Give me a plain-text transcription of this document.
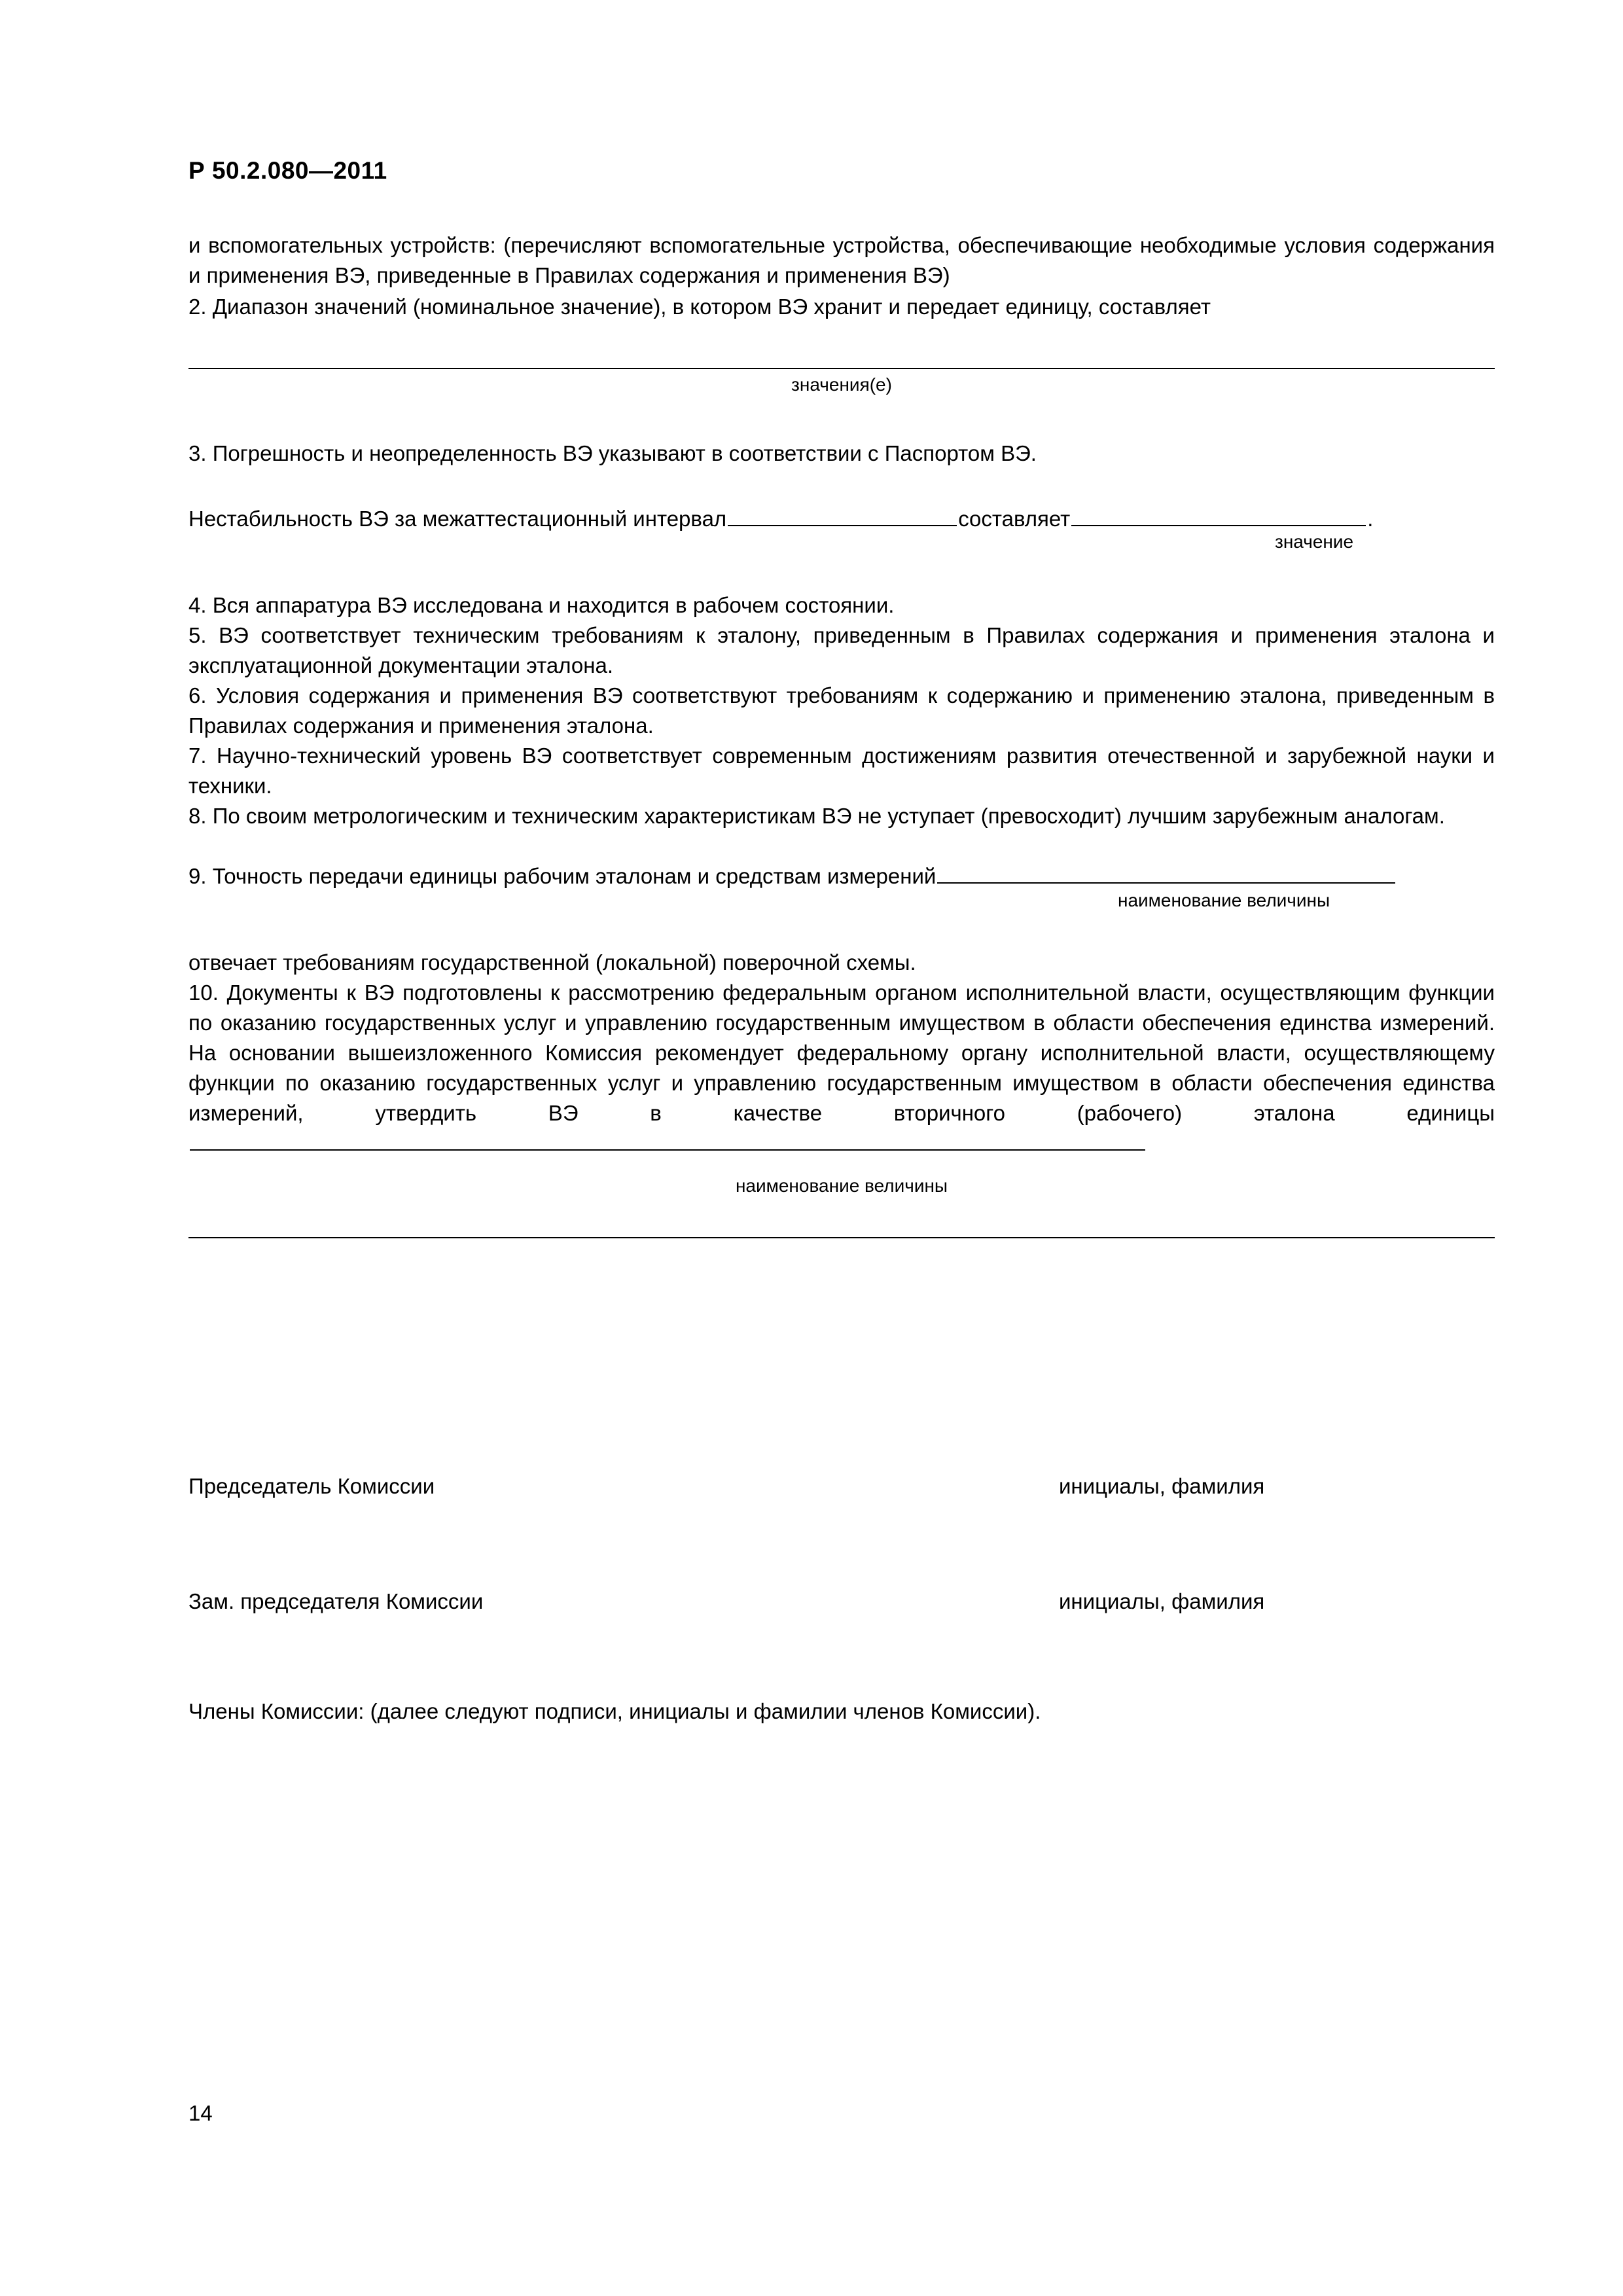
Р 50.2.080—2011
и вспомогательных устройств: (перечисляют вспомогательные устройства, обеспечивающие необходимые условия содержания и применения ВЭ, приведенные в Правилах содержания и применения ВЭ)
2. Диапазон значений (номинальное значение), в котором ВЭ хранит и передает единицу, составляет
значения(е)
3. Погрешность и неопределенность ВЭ указывают в соответствии с Паспортом ВЭ.
Нестабильность ВЭ за межаттестационный интервал	составляет	.
значение
4. Вся аппаратура ВЭ исследована и находится в рабочем состоянии.
5. ВЭ соответствует техническим требованиям к эталону, приведенным в Правилах содержания и применения эталона и эксплуатационной документации эталона.
6. Условия содержания и применения ВЭ соответствуют требованиям к содержанию и применению эталона, приведенным в Правилах содержания и применения эталона.
7. Научно-технический уровень ВЭ соответствует современным достижениям развития отечественной и зарубежной науки и техники.
8. По своим метрологическим и техническим характеристикам ВЭ не уступает (превосходит) лучшим зарубежным аналогам.
9. Точность передачи единицы рабочим эталонам и средствам измерений
наименование величины
отвечает требованиям государственной (локальной) поверочной схемы.
10. Документы к ВЭ подготовлены к рассмотрению федеральным органом исполнительной власти, осуществляющим функции по оказанию государственных услуг и управлению государственным имуществом в области обеспечения единства измерений. На основании вышеизложенного Комиссия рекомендует федеральному органу исполнительной власти, осуществляющему функции по оказанию государственных услуг и управлению государственным имуществом в области обеспечения единства измерений, утвердить ВЭ в качестве вторичного (рабочего) эталона единицы
наименование величины
Председатель Комиссии	инициалы, фамилия
Зам. председателя Комиссии	инициалы, фамилия
Члены Комиссии: (далее следуют подписи, инициалы и фамилии членов Комиссии).
14
